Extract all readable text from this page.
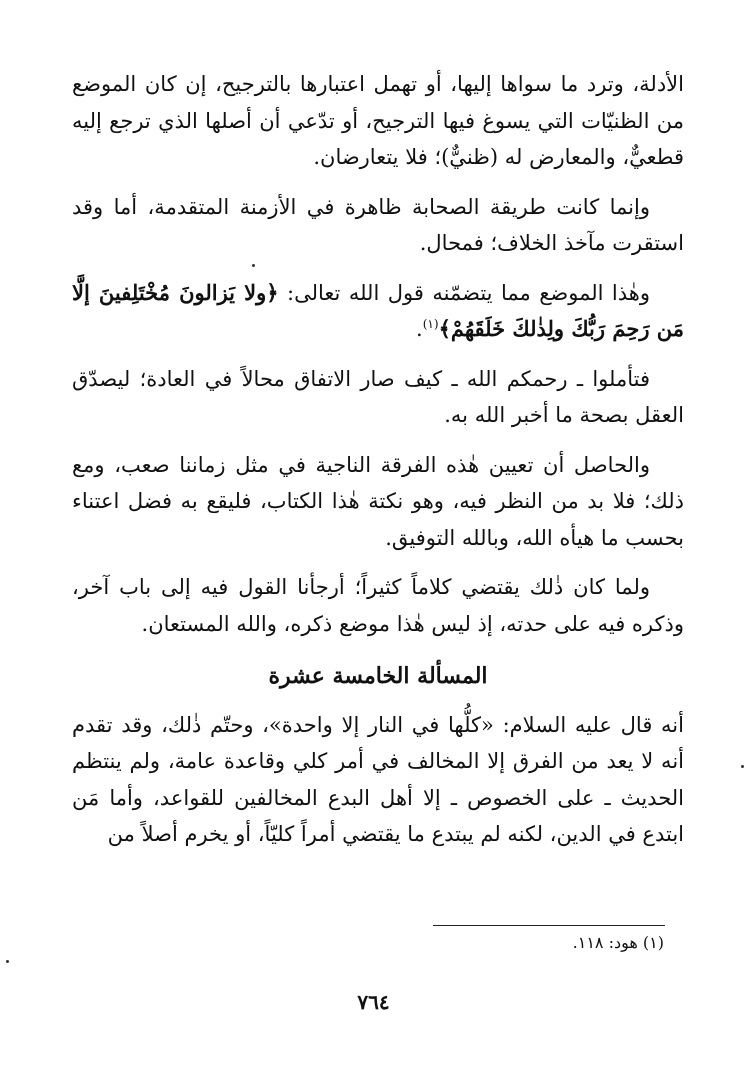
الأدلة، وترد ما سواها إليها، أو تهمل اعتبارها بالترجيح، إن كان الموضع من الظنيّات التي يسوغ فيها الترجيح، أو تدّعي أن أصلها الذي ترجع إليه قطعيٌّ، والمعارض له (ظنيٌّ)؛ فلا يتعارضان.

وإنما كانت طريقة الصحابة ظاهرة في الأزمنة المتقدمة، أما وقد استقرت مآخذ الخلاف؛ فمحال.

وهٰذا الموضع مما يتضمّنه قول الله تعالى: ﴿ولا يَزالونَ مُخْتَلِفينَ إلَّا مَن رَحِمَ رَبُّكَ ولِذٰلكَ خَلَقَهُمْ﴾$^{(١)}$.

فتأملوا ـ رحمكم الله ـ كيف صار الاتفاق محالاً في العادة؛ ليصدّق العقل بصحة ما أخبر الله به.

والحاصل أن تعيين هٰذه الفرقة الناجية في مثل زماننا صعب، ومع ذلك؛ فلا بد من النظر فيه، وهو نكتة هٰذا الكتاب، فليقع به فضل اعتناء بحسب ما هيأه الله، وبالله التوفيق.

ولما كان ذٰلك يقتضي كلاماً كثيراً؛ أرجأنا القول فيه إلى باب آخر، وذكره فيه على حدته، إذ ليس هٰذا موضع ذكره، والله المستعان.

المسألة الخامسة عشرة

أنه قال عليه السلام: «كلُّها في النار إلا واحدة»، وحتّم ذٰلك، وقد تقدم أنه لا يعد من الفرق إلا المخالف في أمر كلي وقاعدة عامة، ولم ينتظم الحديث ـ على الخصوص ـ إلا أهل البدع المخالفين للقواعد، وأما مَن ابتدع في الدين، لكنه لم يبتدع ما يقتضي أمراً كليّاً، أو يخرم أصلاً من

(١) هود: ١١٨.
٧٦٤
